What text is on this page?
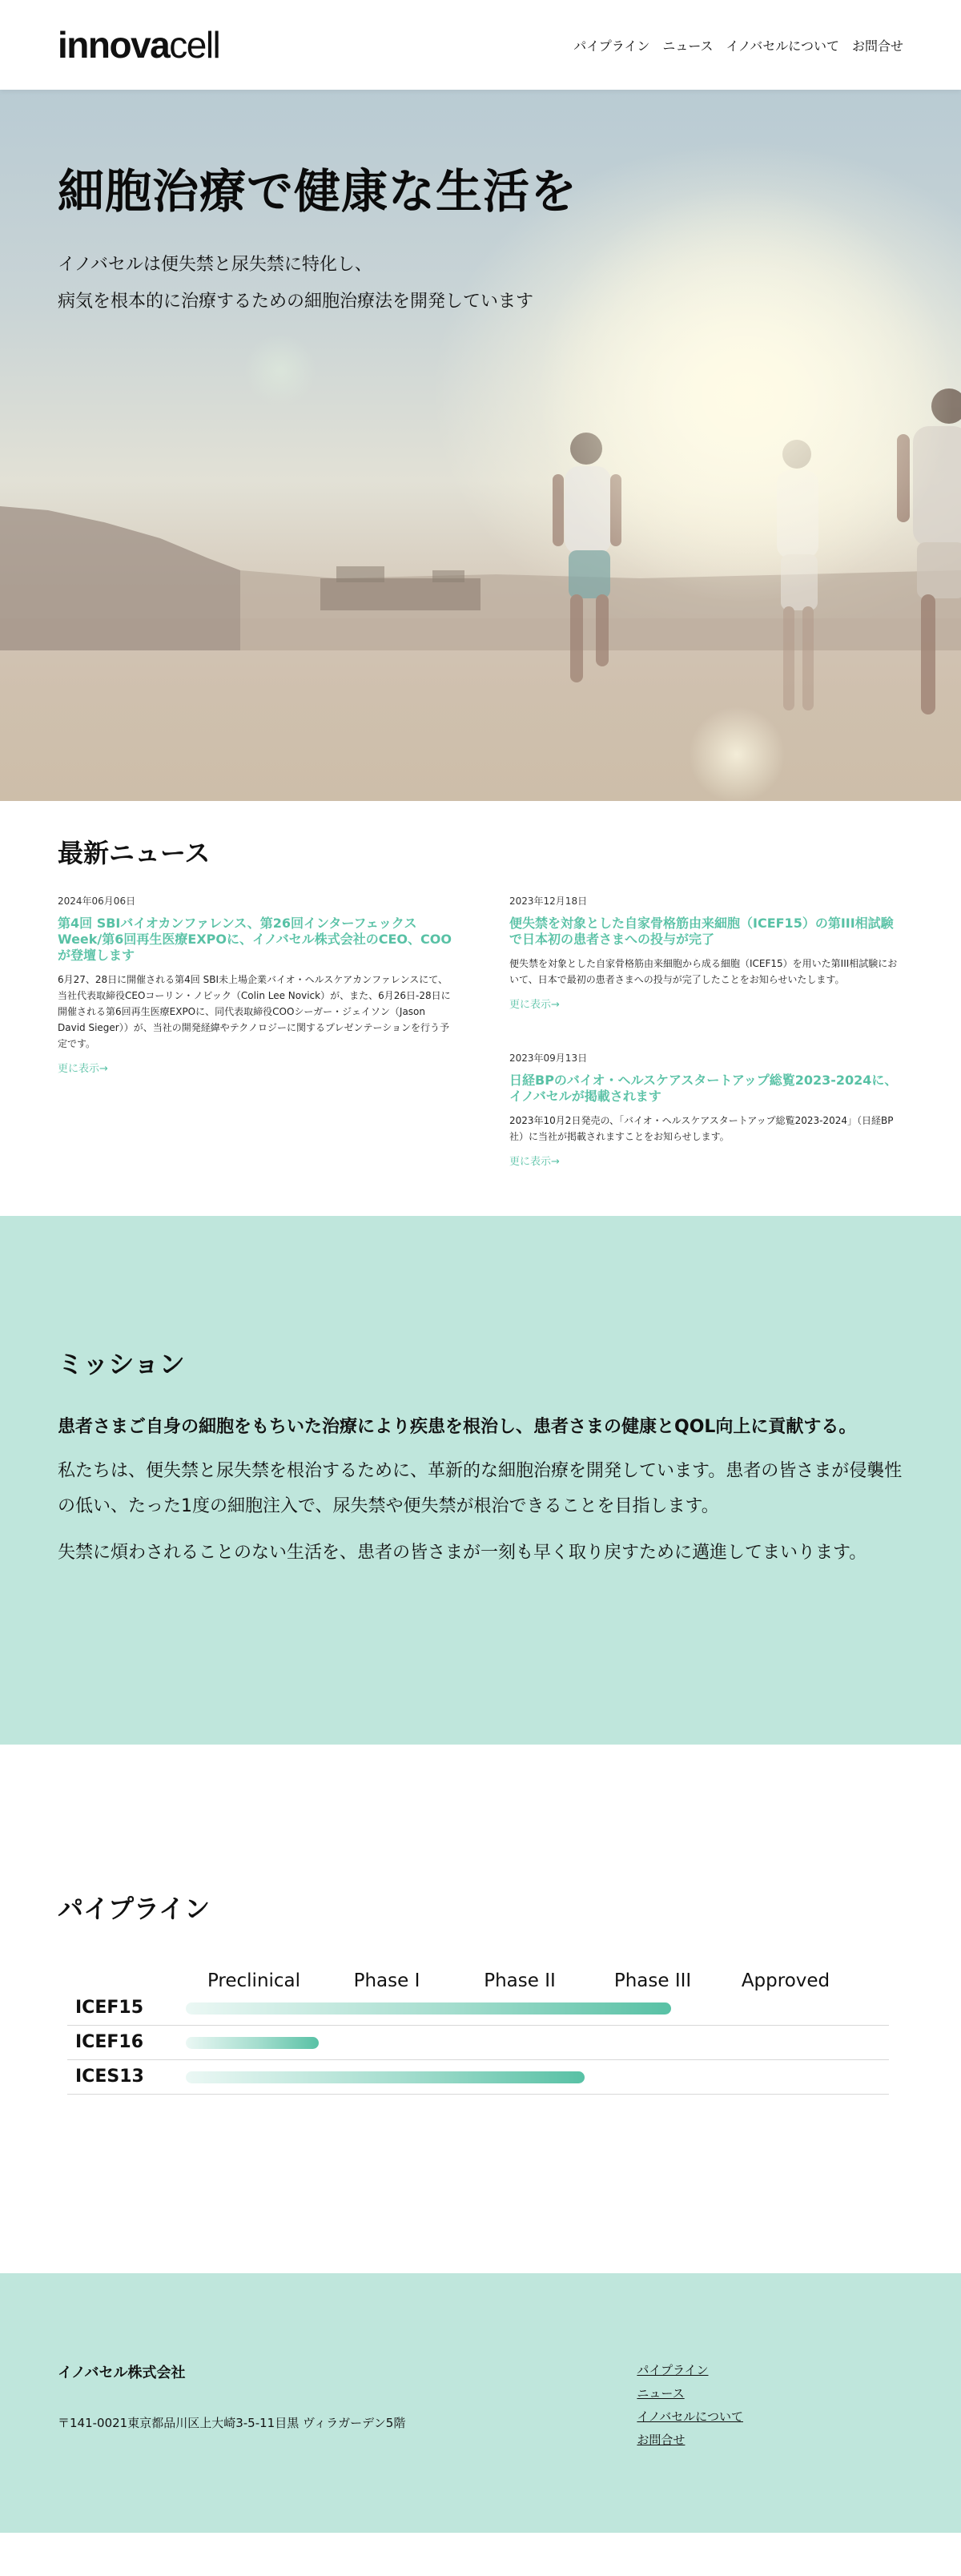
innova cell	パイプライン ニュース イノバセルについて お問合せ
細胞治療で健康な生活を

イノバセルは便失禁と尿失禁に特化し、
病気を根本的に治療するための細胞治療法を開発しています

最新ニュース
2024年06月06日
第4回 SBIバイオカンファレンス、第26回インターフェックスWeek/第6回再生医療EXPOに、イノバセル株式会社のCEO、COOが登壇します

6月27、28日に開催される第4回 SBI未上場企業バイオ・ヘルスケアカンファレンスにて、当社代表取締役CEOコーリン・ノビック（Colin Lee Novick）が、また、6月26日-28日に開催される第6回再生医療EXPOに、同代表取締役COOシーガー・ジェイソン（Jason David Sieger））が、当社の開発経緯やテクノロジーに関するプレゼンテーションを行う予定です。

更に表示→
2023年12月18日
便失禁を対象とした自家骨格筋由来細胞（ICEF15）の第III相試験で日本初の患者さまへの投与が完了

便失禁を対象とした自家骨格筋由来細胞から成る細胞（ICEF15）を用いた第III相試験において、日本で最初の患者さまへの投与が完了したことをお知らせいたします。

更に表示→
2023年09月13日
日経BPのバイオ・ヘルスケアスタートアップ総覧2023-2024に、イノバセルが掲載されます

2023年10月2日発売の、「バイオ・ヘルスケアスタートアップ総覧2023-2024」（日経BP社）に当社が掲載されますことをお知らせします。

更に表示→
ミッション

患者さまご自身の細胞をもちいた治療により疾患を根治し、患者さまの健康とQOL向上に貢献する。

私たちは、便失禁と尿失禁を根治するために、革新的な細胞治療を開発しています。患者の皆さまが侵襲性の低い、たった1度の細胞注入で、尿失禁や便失禁が根治できることを目指します。

失禁に煩わされることのない生活を、患者の皆さまが一刻も早く取り戻すために邁進してまいります。

パイプライン
Preclinical	Phase I	Phase II	Phase III	Approved
ICEF15
ICEF16
ICES13
イノバセル株式会社
〒141-0021東京都品川区上大崎3-5-11目黒 ヴィラガーデン5階
パイプライン
ニュース
イノバセルについて
お問合せ
